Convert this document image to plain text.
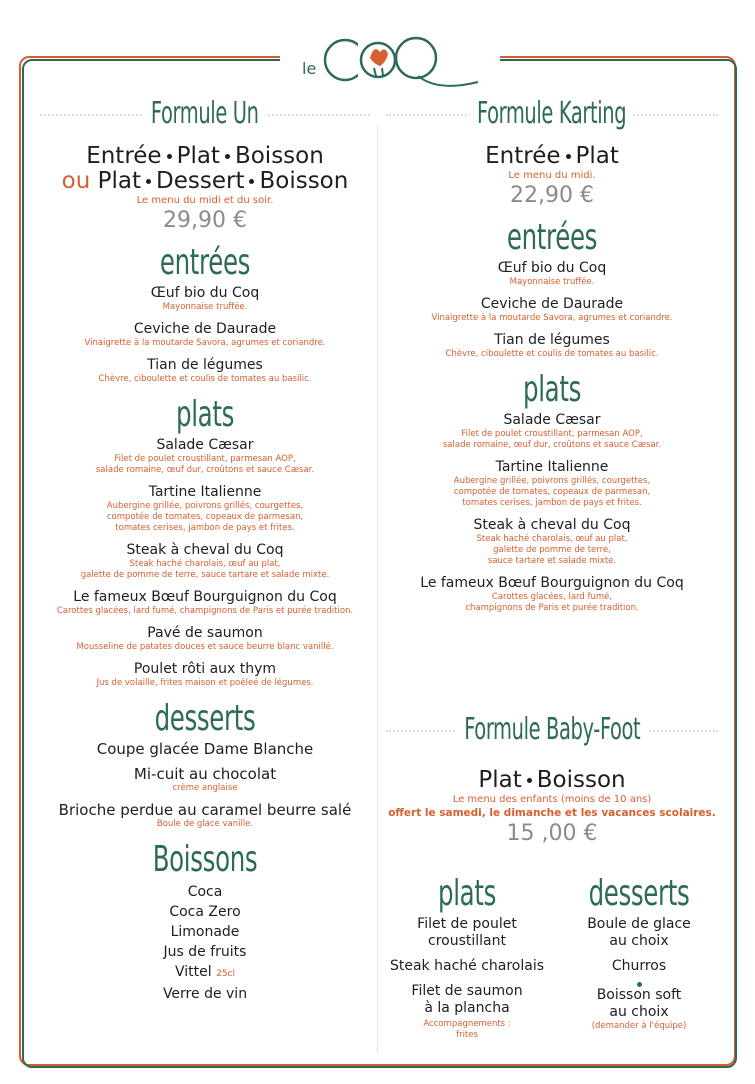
le
Formule Un
Entrée Plat Boisson
ou Plat Dessert Boisson
Le menu du midi et du soir.
29,90 €
entrées
Œuf bio du Coq
Mayonnaise truffée.
Ceviche de Daurade
Vinaigrette à la moutarde Savora, agrumes et coriandre.
Tian de légumes
Chèvre, ciboulette et coulis de tomates au basilic.
plats
Salade Cæsar
Filet de poulet croustillant, parmesan AOP,
salade romaine, œuf dur, croûtons et sauce Cæsar.
Tartine Italienne
Aubergine grillée, poivrons grillés, courgettes,
compotée de tomates, copeaux de parmesan,
tomates cerises, jambon de pays et frites.
Steak à cheval du Coq
Steak haché charolais, œuf au plat,
galette de pomme de terre, sauce tartare et salade mixte.
Le fameux Bœuf Bourguignon du Coq
Carottes glacées, lard fumé, champignons de Paris et purée tradition.
Pavé de saumon
Mousseline de patates douces et sauce beurre blanc vanillé.
Poulet rôti aux thym
Jus de volaille, frites maison et poêleé de légumes.
desserts
Coupe glacée Dame Blanche
Mi-cuit au chocolat
crème anglaise
Brioche perdue au caramel beurre salé
Boule de glace vanille.
Boissons
Coca
Coca Zero
Limonade
Jus de fruits
Vittel 25cl
Verre de vin
Formule Karting
Entrée Plat
Le menu du midi.
22,90 €
entrées
Œuf bio du Coq
Mayonnaise truffée.
Ceviche de Daurade
Vinaigrette à la moutarde Savora, agrumes et coriandre.
Tian de légumes
Chèvre, ciboulette et coulis de tomates au basilic.
plats
Salade Cæsar
Filet de poulet croustillant, parmesan AOP,
salade romaine, œuf dur, croûtons et sauce Cæsar.
Tartine Italienne
Aubergine grillée, poivrons grillés, courgettes,
compotée de tomates, copeaux de parmesan,
tomates cerises, jambon de pays et frites.
Steak à cheval du Coq
Steak haché charolais, œuf au plat,
galette de pomme de terre,
sauce tartare et salade mixte.
Le fameux Bœuf Bourguignon du Coq
Carottes glacées, lard fumé,
champignons de Paris et purée tradition.
Formule Baby-Foot
Plat Boisson
Le menu des enfants (moins de 10 ans)
offert le samedi, le dimanche et les vacances scolaires.
15 ,00 €
plats
Filet de poulet
croustillant
Steak haché charolais
Filet de saumon
à la plancha
Accompagnements :
frites
desserts
Boule de glace
au choix
Churros
Boisson soft
au choix
(demander à l'équipe)
